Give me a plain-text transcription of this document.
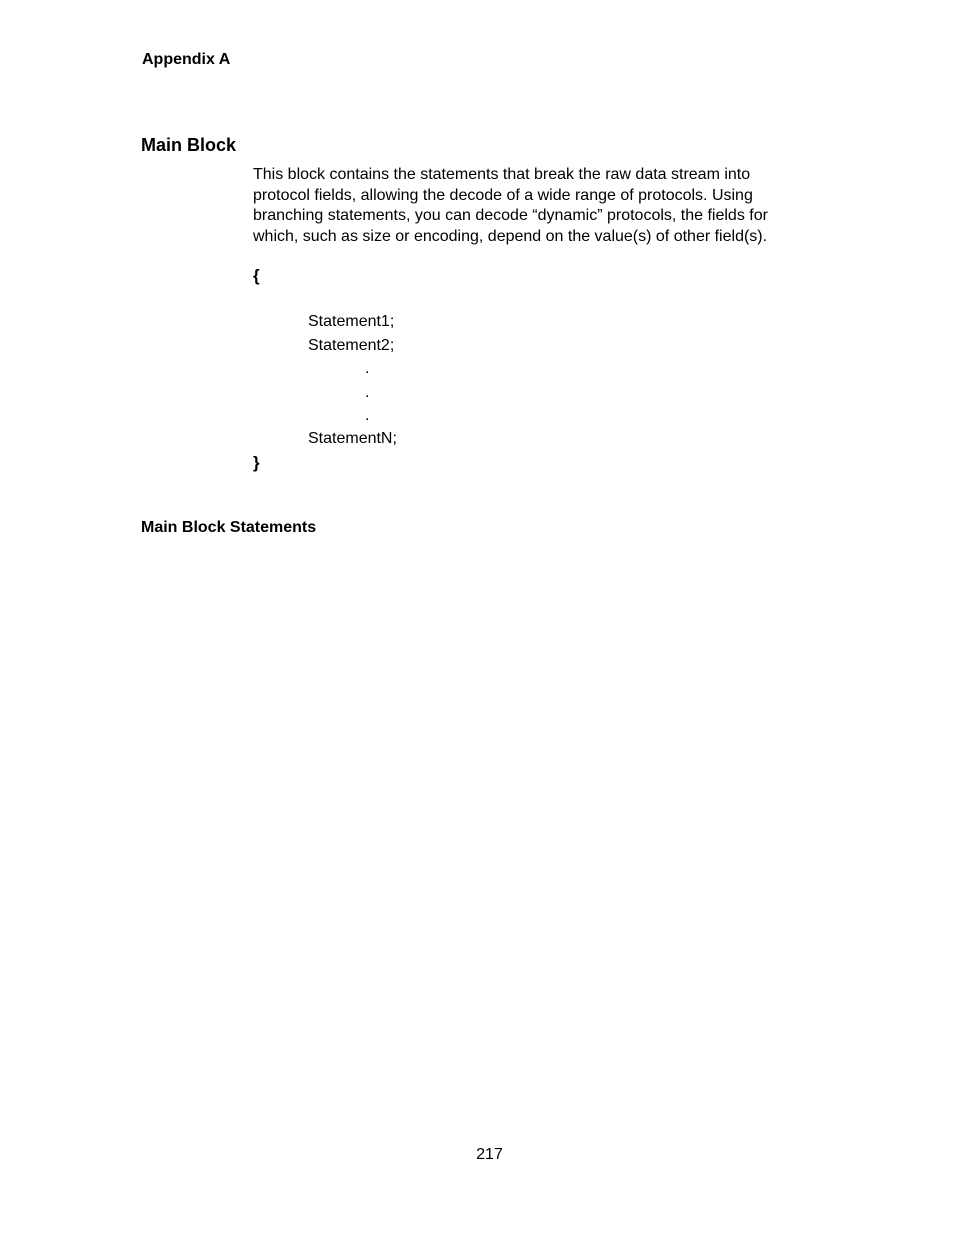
Appendix A
Main Block

This block contains the statements that break the raw data stream into
protocol fields, allowing the decode of a wide range of protocols. Using
branching statements, you can decode “dynamic” protocols, the fields for
which, such as size or encoding, depend on the value(s) of other field(s).

{
Statement1;
Statement2;
.
.
.
StatementN;
}
Main Block Statements
217
